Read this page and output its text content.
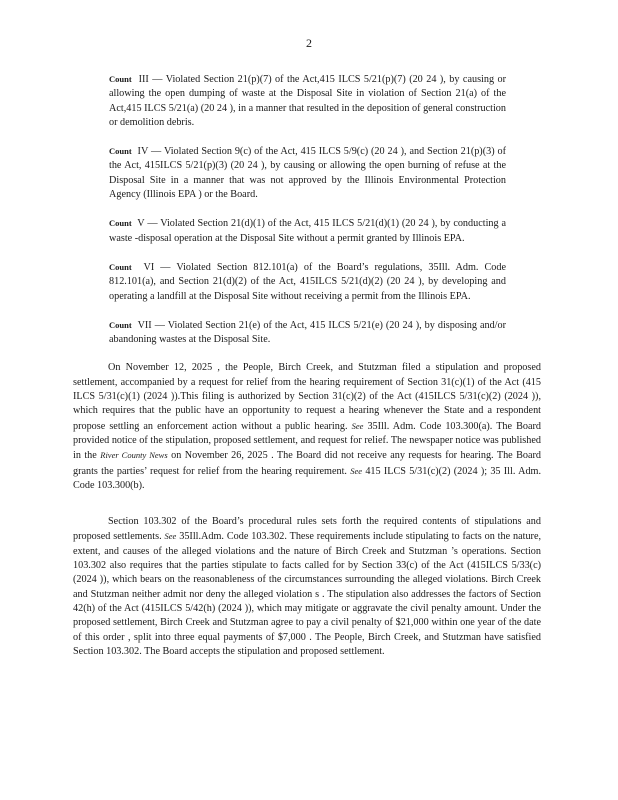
2

Count III — Violated Section 21(p)(7) of the Act,415 ILCS 5/21(p)(7) (20 24 ), by causing or allowing the open dumping of waste at the Disposal Site in violation of Section 21(a) of the Act,415 ILCS 5/21(a) (20 24 ), in a manner that resulted in the deposition of general construction or demolition debris.

Count IV — Violated Section 9(c) of the Act, 415 ILCS 5/9(c) (20 24 ), and Section 21(p)(3) of the Act, 415ILCS 5/21(p)(3) (20 24 ), by causing or allowing the open burning of refuse at the Disposal Site in a manner that was not approved by the Illinois Environmental Protection Agency (Illinois EPA ) or the Board.

Count V — Violated Section 21(d)(1) of the Act, 415 ILCS 5/21(d)(1) (20 24 ), by conducting a waste -disposal operation at the Disposal Site without a permit granted by Illinois EPA.

Count VI — Violated Section 812.101(a) of the Board’s regulations, 35Ill. Adm. Code 812.101(a), and Section 21(d)(2) of the Act, 415ILCS 5/21(d)(2) (20 24 ), by developing and operating a landfill at the Disposal Site without receiving a permit from the Illinois EPA.

Count VII — Violated Section 21(e) of the Act, 415 ILCS 5/21(e) (20 24 ), by disposing and/or abandoning wastes at the Disposal Site.

On November 12, 2025 , the People, Birch Creek, and Stutzman filed a stipulation and proposed settlement, accompanied by a request for relief from the hearing requirement of Section 31(c)(1) of the Act (415 ILCS 5/31(c)(1) (2024 )).This filing is authorized by Section 31(c)(2) of the Act (415ILCS 5/31(c)(2) (2024 )), which requires that the public have an opportunity to request a hearing whenever the State and a respondent propose settling an enforcement action without a public hearing. See 35Ill. Adm. Code 103.300(a). The Board provided notice of the stipulation, proposed settlement, and request for relief. The newspaper notice was published in the River County News on November 26, 2025 . The Board did not receive any requests for hearing. The Board grants the parties’ request for relief from the hearing requirement. See 415 ILCS 5/31(c)(2) (2024 ); 35 Ill. Adm. Code 103.300(b).

Section 103.302 of the Board’s procedural rules sets forth the required contents of stipulations and proposed settlements. See 35Ill.Adm. Code 103.302. These requirements include stipulating to facts on the nature, extent, and causes of the alleged violations and the nature of Birch Creek and Stutzman ’s operations. Section 103.302 also requires that the parties stipulate to facts called for by Section 33(c) of the Act (415ILCS 5/33(c) (2024 )), which bears on the reasonableness of the circumstances surrounding the alleged violations. Birch Creek and Stutzman neither admit nor deny the alleged violation s . The stipulation also addresses the factors of Section 42(h) of the Act (415ILCS 5/42(h) (2024 )), which may mitigate or aggravate the civil penalty amount. Under the proposed settlement, Birch Creek and Stutzman agree to pay a civil penalty of $21,000 within one year of the date of this order , split into three equal payments of $7,000 . The People, Birch Creek, and Stutzman have satisfied Section 103.302. The Board accepts the stipulation and proposed settlement.
